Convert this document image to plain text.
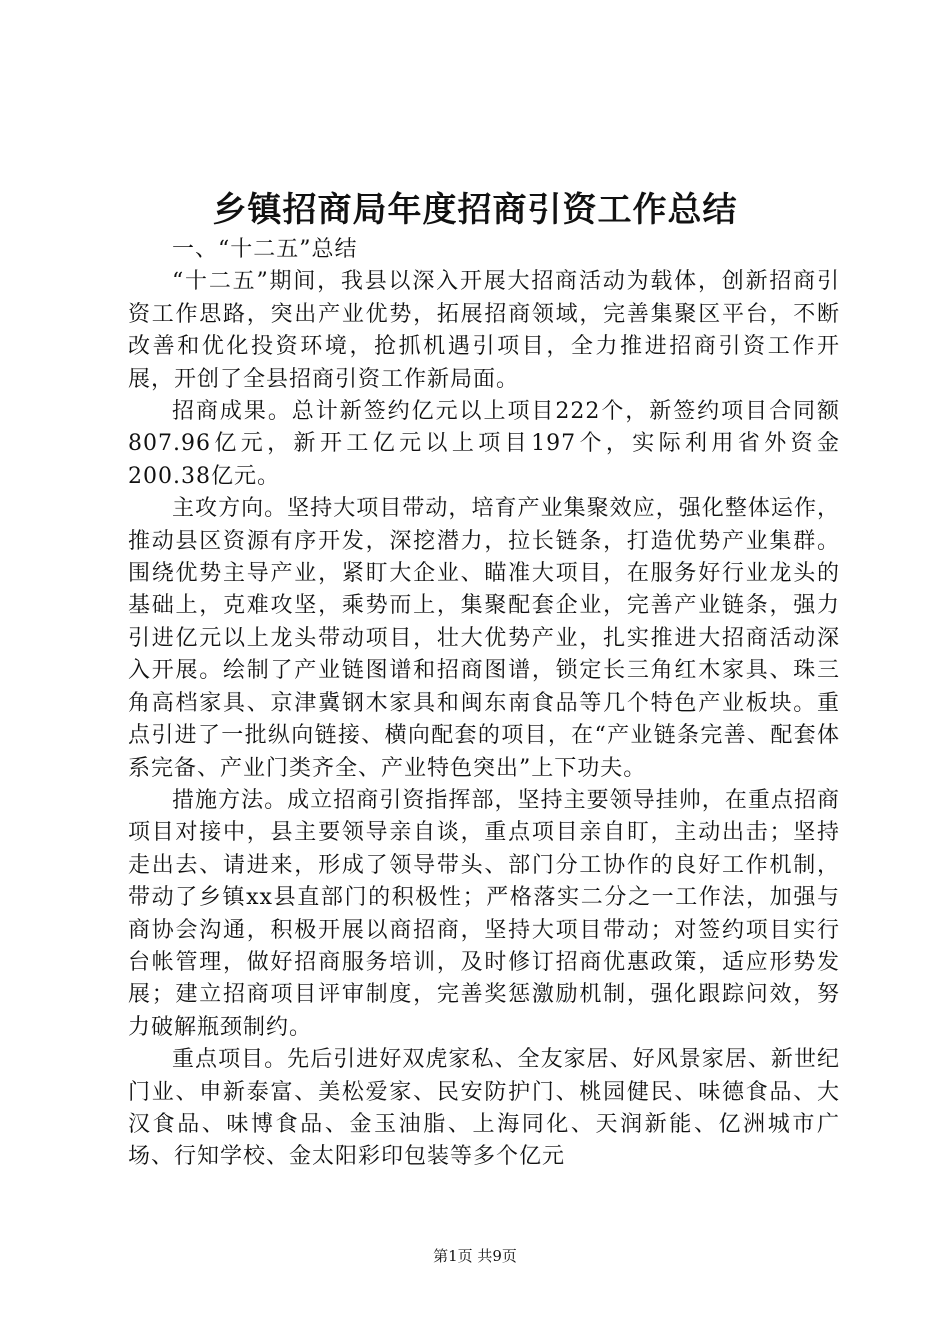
乡镇招商局年度招商引资工作总结

一、“十二五”总结

“十二五”期间，我县以深入开展大招商活动为载体，创新招商引资工作思路，突出产业优势，拓展招商领域，完善集聚区平台，不断改善和优化投资环境，抢抓机遇引项目，全力推进招商引资工作开展，开创了全县招商引资工作新局面。

招商成果。总计新签约亿元以上项目222个，新签约项目合同额807.96亿元，新开工亿元以上项目197个，实际利用省外资金200.38亿元。

主攻方向。坚持大项目带动，培育产业集聚效应，强化整体运作，推动县区资源有序开发，深挖潜力，拉长链条，打造优势产业集群。围绕优势主导产业，紧盯大企业、瞄准大项目，在服务好行业龙头的基础上，克难攻坚，乘势而上，集聚配套企业，完善产业链条，强力引进亿元以上龙头带动项目，壮大优势产业，扎实推进大招商活动深入开展。绘制了产业链图谱和招商图谱，锁定长三角红木家具、珠三角高档家具、京津冀钢木家具和闽东南食品等几个特色产业板块。重点引进了一批纵向链接、横向配套的项目，在“产业链条完善、配套体系完备、产业门类齐全、产业特色突出”上下功夫。

措施方法。成立招商引资指挥部，坚持主要领导挂帅，在重点招商项目对接中，县主要领导亲自谈，重点项目亲自盯，主动出击；坚持走出去、请进来，形成了领导带头、部门分工协作的良好工作机制，带动了乡镇xx县直部门的积极性；严格落实二分之一工作法，加强与商协会沟通，积极开展以商招商，坚持大项目带动；对签约项目实行台帐管理，做好招商服务培训，及时修订招商优惠政策，适应形势发展；建立招商项目评审制度，完善奖惩激励机制，强化跟踪问效，努力破解瓶颈制约。

重点项目。先后引进好双虎家私、全友家居、好风景家居、新世纪门业、申新泰富、美松爱家、民安防护门、桃园健民、味德食品、大汉食品、味博食品、金玉油脂、上海同化、天润新能、亿洲城市广场、行知学校、金太阳彩印包装等多个亿元

第1页 共9页
